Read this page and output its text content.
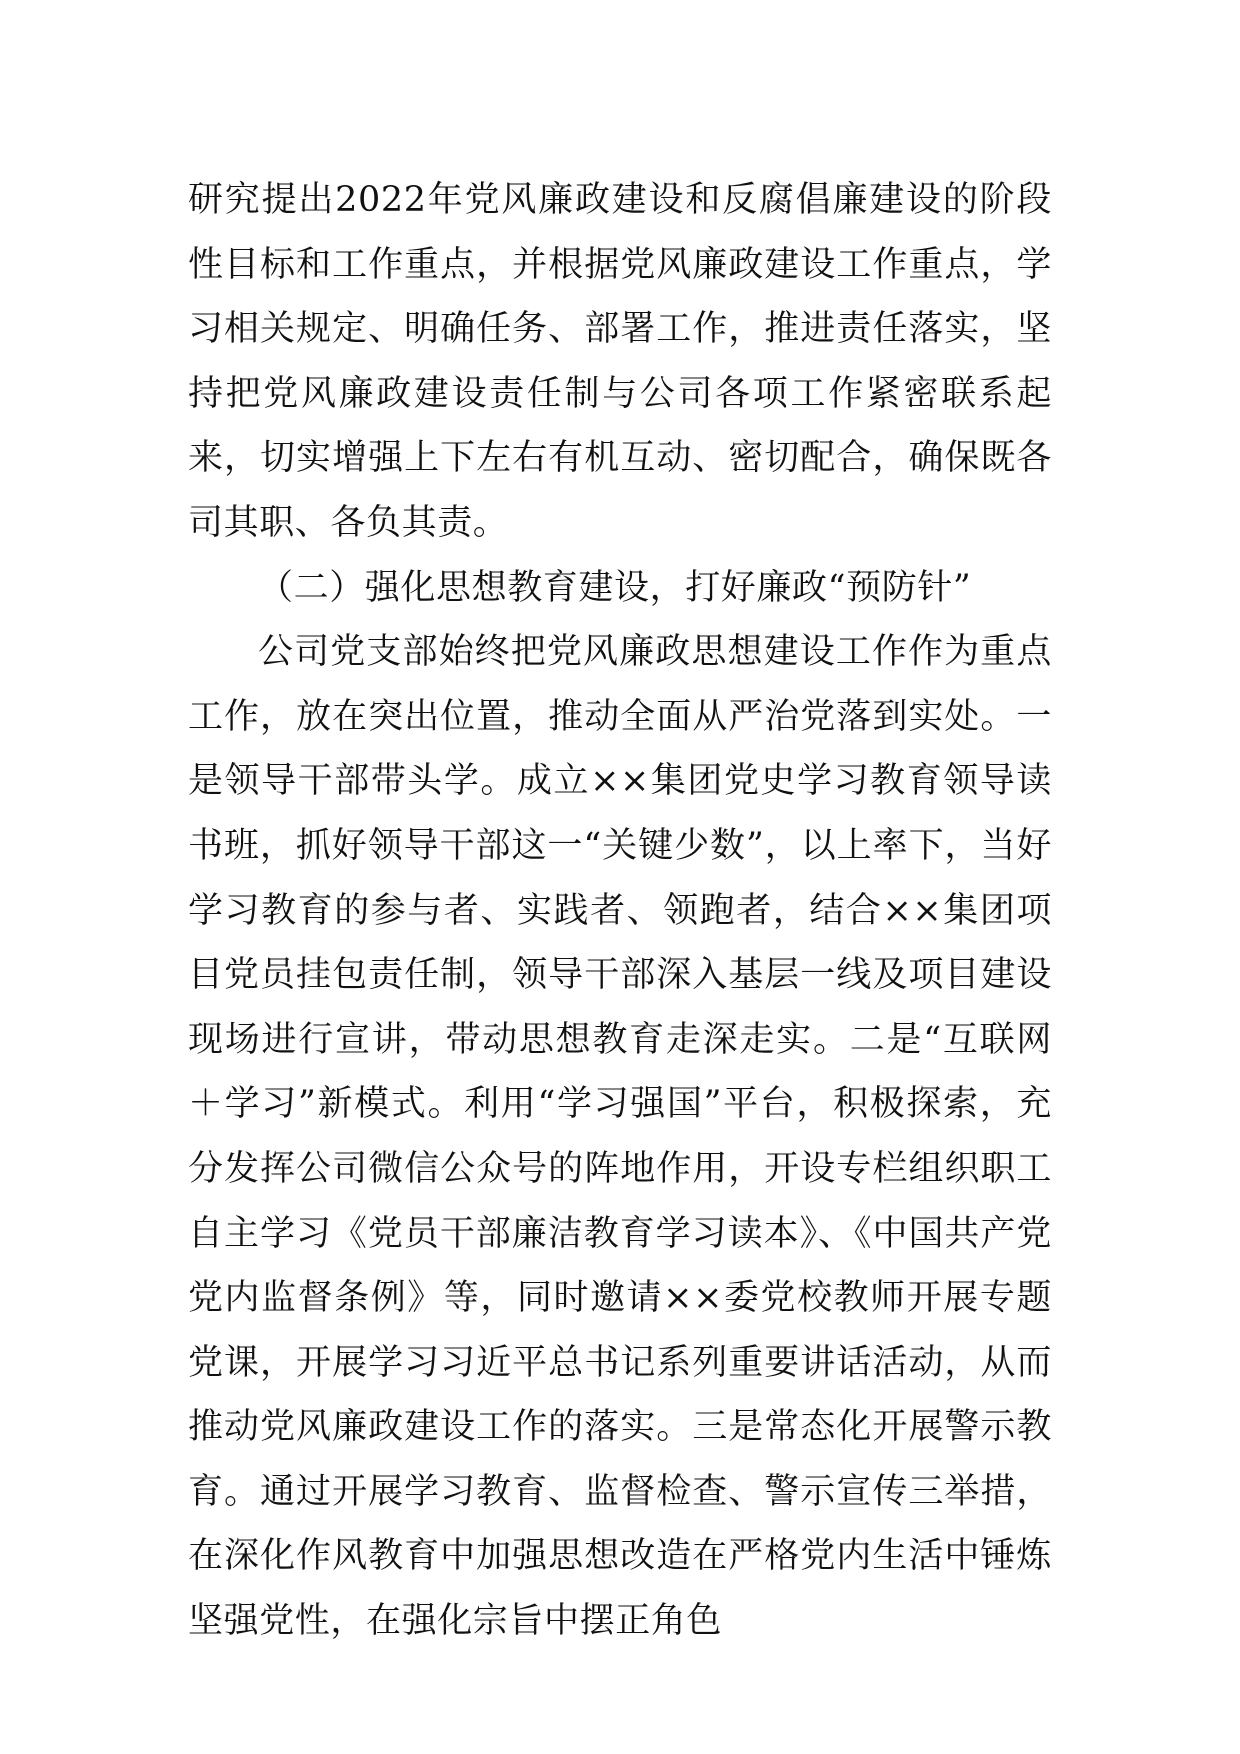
研究提出2022年党风廉政建设和反腐倡廉建设的阶段性目标和工作重点，并根据党风廉政建设工作重点，学习相关规定、明确任务、部署工作，推进责任落实，坚持把党风廉政建设责任制与公司各项工作紧密联系起来，切实增强上下左右有机互动、密切配合，确保既各司其职、各负其责。

（二）强化思想教育建设，打好廉政“预防针”

公司党支部始终把党风廉政思想建设工作作为重点工作，放在突出位置，推动全面从严治党落到实处。一是领导干部带头学。成立××集团党史学习教育领导读书班，抓好领导干部这一“关键少数”，以上率下，当好学习教育的参与者、实践者、领跑者，结合××集团项目党员挂包责任制，领导干部深入基层一线及项目建设现场进行宣讲，带动思想教育走深走实。二是“互联网＋学习”新模式。利用“学习强国”平台，积极探索，充分发挥公司微信公众号的阵地作用，开设专栏组织职工自主学习《党员干部廉洁教育学习读本》、《中国共产党党内监督条例》等，同时邀请××委党校教师开展专题党课，开展学习习近平总书记系列重要讲话活动，从而推动党风廉政建设工作的落实。三是常态化开展警示教育。通过开展学习教育、监督检查、警示宣传三举措，在深化作风教育中加强思想改造在严格党内生活中锤炼坚强党性，在强化宗旨中摆正角色
